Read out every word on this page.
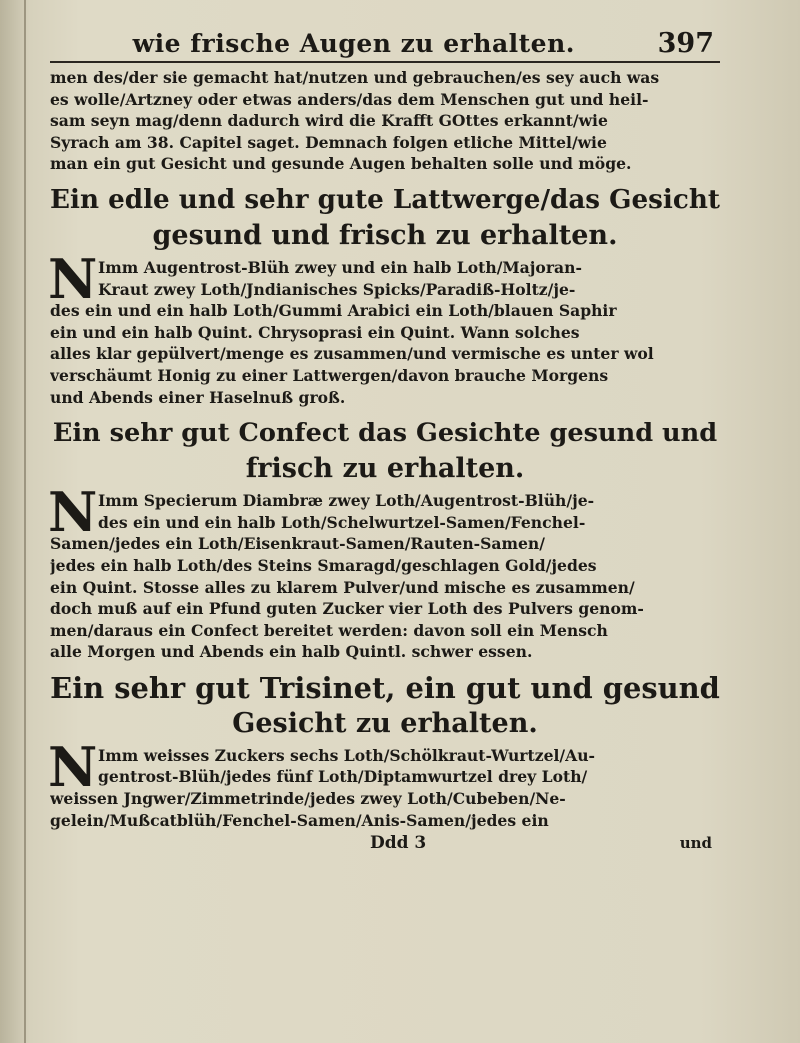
wie frische Augen zu erhalten.	397

men des/der sie gemacht hat/nutzen und gebrauchen/es sey auch was
es wolle/Artzney oder etwas anders/das dem Menschen gut und heil-
sam seyn mag/denn dadurch wird die Krafft GOttes erkannt/wie
Syrach am 38. Capitel saget. Demnach folgen etliche Mittel/wie
man ein gut Gesicht und gesunde Augen behalten solle und möge.

Ein edle und sehr gute Lattwerge/das Gesicht
gesund und frisch zu erhalten.
N Imm Augentrost-Blüh zwey und ein halb Loth/Majoran-
Kraut zwey Loth/Jndianisches Spicks/Paradiß-Holtz/je-
des ein und ein halb Loth/Gummi Arabici ein Loth/blauen Saphir
ein und ein halb Quint. Chrysoprasi ein Quint. Wann solches
alles klar gepülvert/menge es zusammen/und vermische es unter wol
verschäumt Honig zu einer Lattwergen/davon brauche Morgens
und Abends einer Haselnuß groß.

Ein sehr gut Confect das Gesichte gesund und
frisch zu erhalten.
N Imm Specierum Diambræ zwey Loth/Augentrost-Blüh/je-
des ein und ein halb Loth/Schelwurtzel-Samen/Fenchel-
Samen/jedes ein Loth/Eisenkraut-Samen/Rauten-Samen/
jedes ein halb Loth/des Steins Smaragd/geschlagen Gold/jedes
ein Quint. Stosse alles zu klarem Pulver/und mische es zusammen/
doch muß auf ein Pfund guten Zucker vier Loth des Pulvers genom-
men/daraus ein Confect bereitet werden: davon soll ein Mensch
alle Morgen und Abends ein halb Quintl. schwer essen.

Ein sehr gut Trisinet, ein gut und gesund
Gesicht zu erhalten.
N Imm weisses Zuckers sechs Loth/Schölkraut-Wurtzel/Au-
gentrost-Blüh/jedes fünf Loth/Diptamwurtzel drey Loth/
weissen Jngwer/Zimmetrinde/jedes zwey Loth/Cubeben/Ne-
gelein/Mußcatblüh/Fenchel-Samen/Anis-Samen/jedes ein

Ddd 3	und
